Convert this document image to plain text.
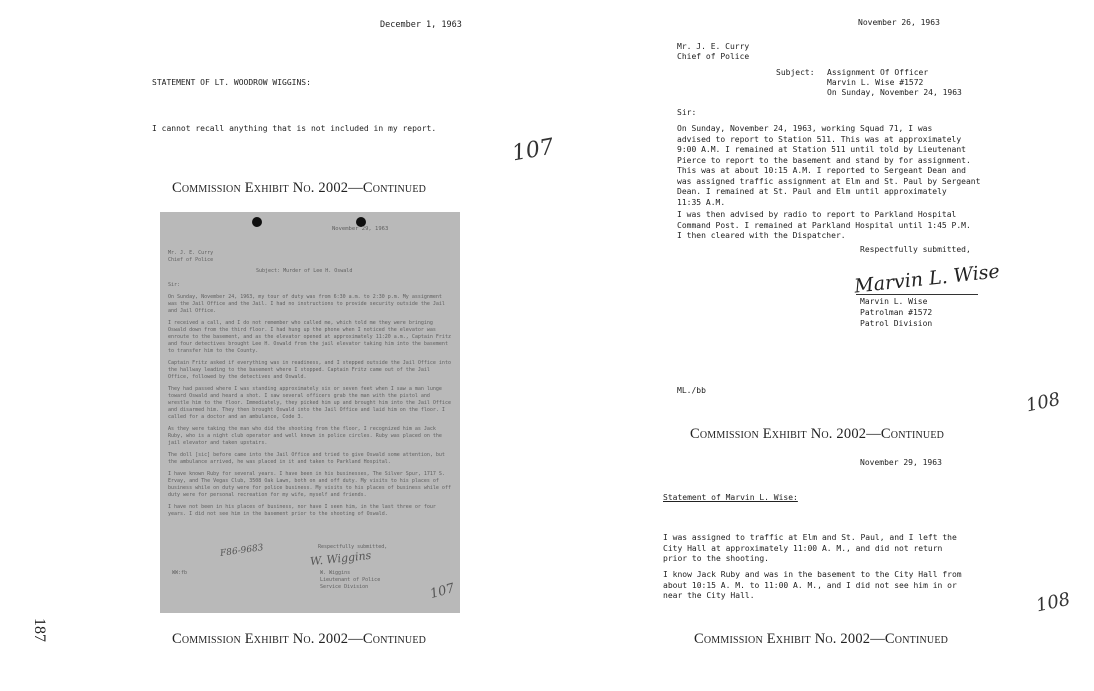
December 1, 1963
STATEMENT OF LT. WOODROW WIGGINS:
I cannot recall anything that is not included in my report.
107
Commission Exhibit No. 2002—Continued
November 29, 1963
Mr. J. E. Curry
Chief of Police
Subject: Murder of Lee H. Oswald
Sir:

On Sunday, November 24, 1963, my tour of duty was from 6:30 a.m. to 2:30 p.m. My assignment was the Jail Office and the Jail. I had no instructions to provide security outside the Jail and Jail Office.

I received a call, and I do not remember who called me, which told me they were bringing Oswald down from the third floor. I had hung up the phone when I noticed the elevator was enroute to the basement, and as the elevator opened at approximately 11:20 a.m., Captain Fritz and four detectives brought Lee H. Oswald from the jail elevator taking him into the basement to transfer him to the County.

Captain Fritz asked if everything was in readiness, and I stepped outside the Jail Office into the hallway leading to the basement where I stopped. Captain Fritz came out of the Jail Office, followed by the detectives and Oswald.

They had passed where I was standing approximately six or seven feet when I saw a man lunge toward Oswald and heard a shot. I saw several officers grab the man with the pistol and wrestle him to the floor. Immediately, they picked him up and brought him into the Jail Office and disarmed him. They then brought Oswald into the Jail Office and laid him on the floor. I called for a doctor and an ambulance, Code 3.

As they were taking the man who did the shooting from the floor, I recognized him as Jack Ruby, who is a night club operator and well known in police circles. Ruby was placed on the jail elevator and taken upstairs.

The doll [sic] before came into the Jail Office and tried to give Oswald some attention, but the ambulance arrived, he was placed in it and taken to Parkland Hospital.

I have known Ruby for several years. I have been in his businesses, The Silver Spur, 1717 S. Ervay, and The Vegas Club, 3508 Oak Lawn, both on and off duty. My visits to his places of business while on duty were for police business. My visits to his places of business while off duty were for personal recreation for my wife, myself and friends.

I have not been in his places of business, nor have I seen him, in the last three or four years. I did not see him in the basement prior to the shooting of Oswald.

Respectfully submitted,
W. Wiggins
W. Wiggins
Lieutenant of Police
Service Division
WW:fb
F86-9683
107
Commission Exhibit No. 2002—Continued
187
November 26, 1963
Mr. J. E. Curry
Chief of Police
Subject: Assignment Of Officer
Marvin L. Wise #1572
On Sunday, November 24, 1963
Sir:
On Sunday, November 24, 1963, working Squad 71, I was
advised to report to Station 511. This was at approximately
9:00 A.M. I remained at Station 511 until told by Lieutenant
Pierce to report to the basement and stand by for assignment.
This was at about 10:15 A.M. I reported to Sergeant Dean and
was assigned traffic assignment at Elm and St. Paul by Sergeant
Dean. I remained at St. Paul and Elm until approximately
11:35 A.M.
I was then advised by radio to report to Parkland Hospital
Command Post. I remained at Parkland Hospital until 1:45 P.M.
I then cleared with the Dispatcher.
Respectfully submitted,
Marvin L. Wise
Marvin L. Wise
Patrolman #1572
Patrol Division
ML./bb	108
Commission Exhibit No. 2002—Continued
November 29, 1963
Statement of Marvin L. Wise:
I was assigned to traffic at Elm and St. Paul, and I left the
City Hall at approximately 11:00 A. M., and did not return
prior to the shooting.
I know Jack Ruby and was in the basement to the City Hall from
about 10:15 A. M. to 11:00 A. M., and I did not see him in or
near the City Hall.	108
Commission Exhibit No. 2002—Continued
